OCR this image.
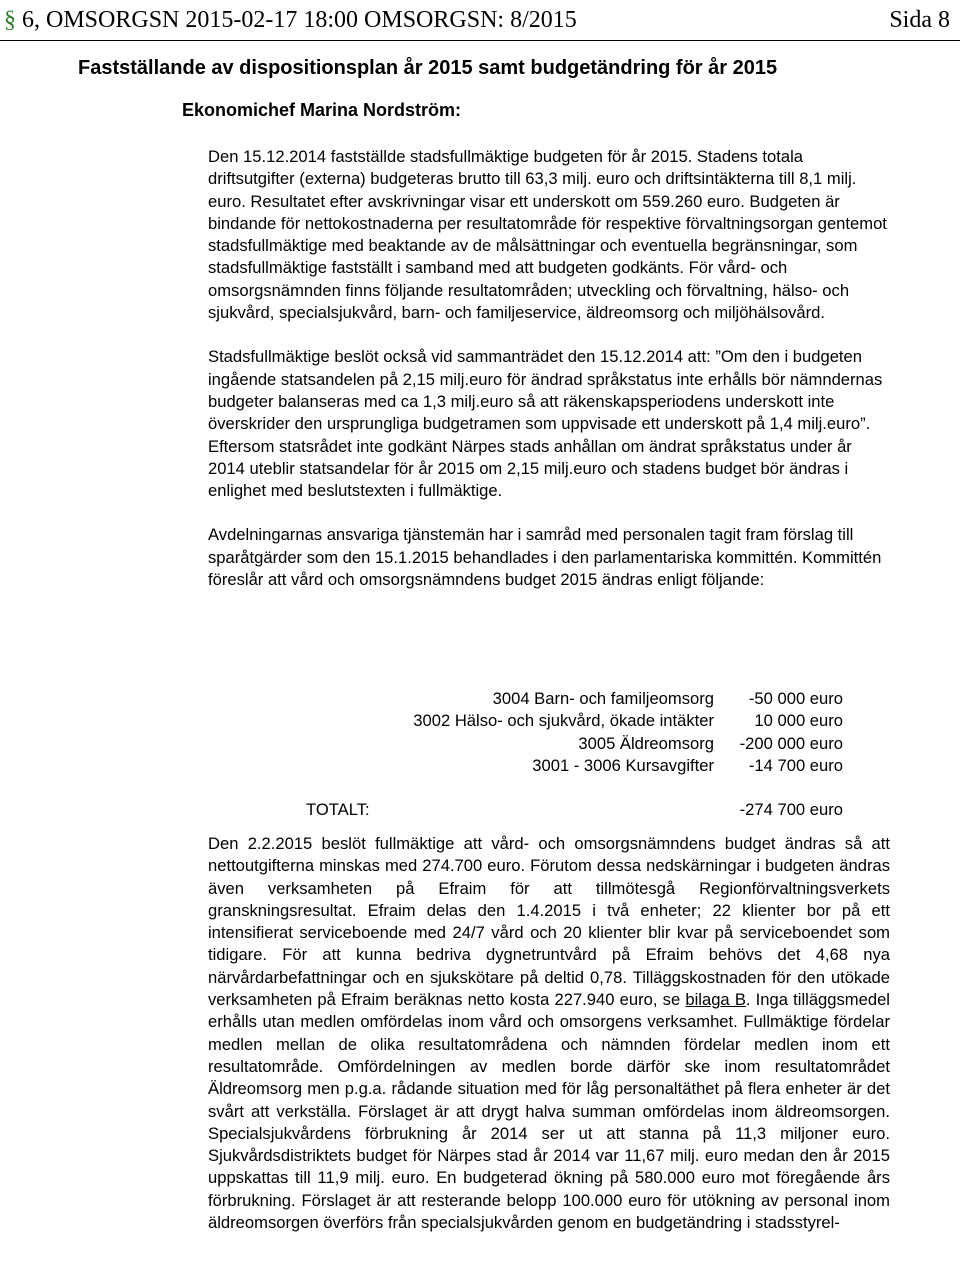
§ 6, OMSORGSN 2015-02-17 18:00 OMSORGSN: 8/2015	Sida 8
Fastställande av dispositionsplan år 2015 samt budgetändring för år 2015
Ekonomichef Marina Nordström:

Den 15.12.2014 fastställde stadsfullmäktige budgeten för år 2015. Stadens totala driftsutgifter (externa) budgeteras brutto till 63,3 milj. euro och driftsintäkterna till 8,1 milj. euro. Resultatet efter avskrivningar visar ett underskott om 559.260 euro. Budgeten är bindande för nettokostnaderna per resultatområde för respektive förvaltningsorgan gentemot stadsfullmäktige med beaktande av de målsättningar och eventuella begränsningar, som stadsfullmäktige fastställt i samband med att budgeten godkänts. För vård- och omsorgsnämnden finns följande resultatområden; utveckling och förvaltning, hälso- och sjukvård, specialsjukvård, barn- och familjeservice, äldreomsorg och miljöhälsovård.

Stadsfullmäktige beslöt också vid sammanträdet den 15.12.2014 att: ”Om den i budgeten ingående statsandelen på 2,15 milj.euro för ändrad språkstatus inte erhålls bör nämndernas budgeter balanseras med ca 1,3 milj.euro så att räkenskapsperiodens underskott inte överskrider den ursprungliga budgetramen som uppvisade ett underskott på 1,4 milj.euro”. Eftersom statsrådet inte godkänt Närpes stads anhållan om ändrat språkstatus under år 2014 uteblir statsandelar för år 2015 om 2,15 milj.euro och stadens budget bör ändras i enlighet med beslutstexten i fullmäktige.

Avdelningarnas ansvariga tjänstemän har i samråd med personalen tagit fram förslag till sparåtgärder som den 15.1.2015 behandlades i den parlamentariska kommittén. Kommittén föreslår att vård och omsorgsnämndens budget 2015 ändras enligt följande:

3004 Barn- och familjeomsorg	-50 000 euro
3002 Hälso- och sjukvård, ökade intäkter	10 000 euro
3005 Äldreomsorg	-200 000 euro
3001 - 3006 Kursavgifter	-14 700 euro
TOTALT:	-274 700 euro

Den 2.2.2015 beslöt fullmäktige att vård- och omsorgsnämndens budget ändras så att nettoutgifterna minskas med 274.700 euro. Förutom dessa nedskärningar i budgeten ändras även verksamheten på Efraim för att tillmötesgå Regionförvaltningsverkets granskningsresultat. Efraim delas den 1.4.2015 i två enheter; 22 klienter bor på ett intensifierat serviceboende med 24/7 vård och 20 klienter blir kvar på serviceboendet som tidigare. För att kunna bedriva dygnetruntvård på Efraim behövs det 4,68 nya närvårdarbefattningar och en sjukskötare på deltid 0,78. Tilläggskostnaden för den utökade verksamheten på Efraim beräknas netto kosta 227.940 euro, se bilaga B. Inga tilläggsmedel erhålls utan medlen omfördelas inom vård och omsorgens verksamhet. Fullmäktige fördelar medlen mellan de olika resultatområdena och nämnden fördelar medlen inom ett resultatområde. Omfördelningen av medlen borde därför ske inom resultatområdet Äldreomsorg men p.g.a. rådande situation med för låg personaltäthet på flera enheter är det svårt att verkställa. Förslaget är att drygt halva summan omfördelas inom äldreomsorgen. Specialsjukvårdens förbrukning år 2014 ser ut att stanna på 11,3 miljoner euro. Sjukvårdsdistriktets budget för Närpes stad år 2014 var 11,67 milj. euro medan den år 2015 uppskattas till 11,9 milj. euro. En budgeterad ökning på 580.000 euro mot föregående års förbrukning. Förslaget är att resterande belopp 100.000 euro för utökning av personal inom äldreomsorgen överförs från specialsjukvården genom en budgetändring i stadsstyrel-
